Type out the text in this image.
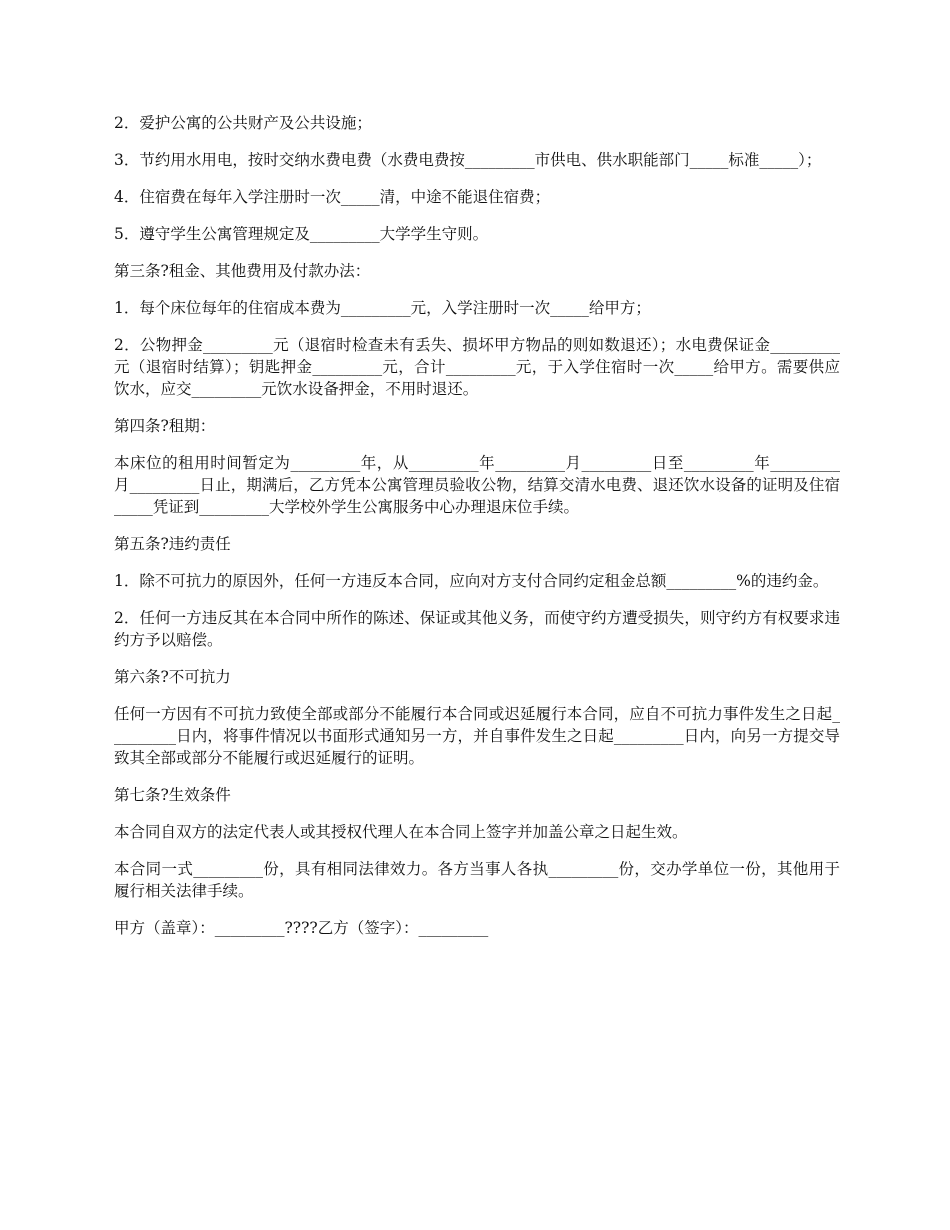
2．爱护公寓的公共财产及公共设施；

3．节约用水用电，按时交纳水费电费（水费电费按_________市供电、供水职能部门_____标准_____）；

4．住宿费在每年入学注册时一次_____清，中途不能退住宿费；

5．遵守学生公寓管理规定及_________大学学生守则。

第三条?租金、其他费用及付款办法：

1．每个床位每年的住宿成本费为_________元，入学注册时一次_____给甲方；

2．公物押金_________元（退宿时检查未有丢失、损坏甲方物品的则如数退还）；水电费保证金_________元（退宿时结算）；钥匙押金_________元，合计_________元，于入学住宿时一次_____给甲方。需要供应饮水，应交_________元饮水设备押金，不用时退还。

第四条?租期：

本床位的租用时间暂定为_________年，从_________年_________月_________日至_________年_________月_________日止，期满后，乙方凭本公寓管理员验收公物，结算交清水电费、退还饮水设备的证明及住宿_____凭证到_________大学校外学生公寓服务中心办理退床位手续。

第五条?违约责任

1．除不可抗力的原因外，任何一方违反本合同，应向对方支付合同约定租金总额_________%的违约金。

2．任何一方违反其在本合同中所作的陈述、保证或其他义务，而使守约方遭受损失，则守约方有权要求违约方予以赔偿。

第六条?不可抗力

任何一方因有不可抗力致使全部或部分不能履行本合同或迟延履行本合同，应自不可抗力事件发生之日起_________日内，将事件情况以书面形式通知另一方，并自事件发生之日起_________日内，向另一方提交导致其全部或部分不能履行或迟延履行的证明。

第七条?生效条件

本合同自双方的法定代表人或其授权代理人在本合同上签字并加盖公章之日起生效。

本合同一式_________份，具有相同法律效力。各方当事人各执_________份，交办学单位一份，其他用于履行相关法律手续。

甲方（盖章）：_________????乙方（签字）：_________
